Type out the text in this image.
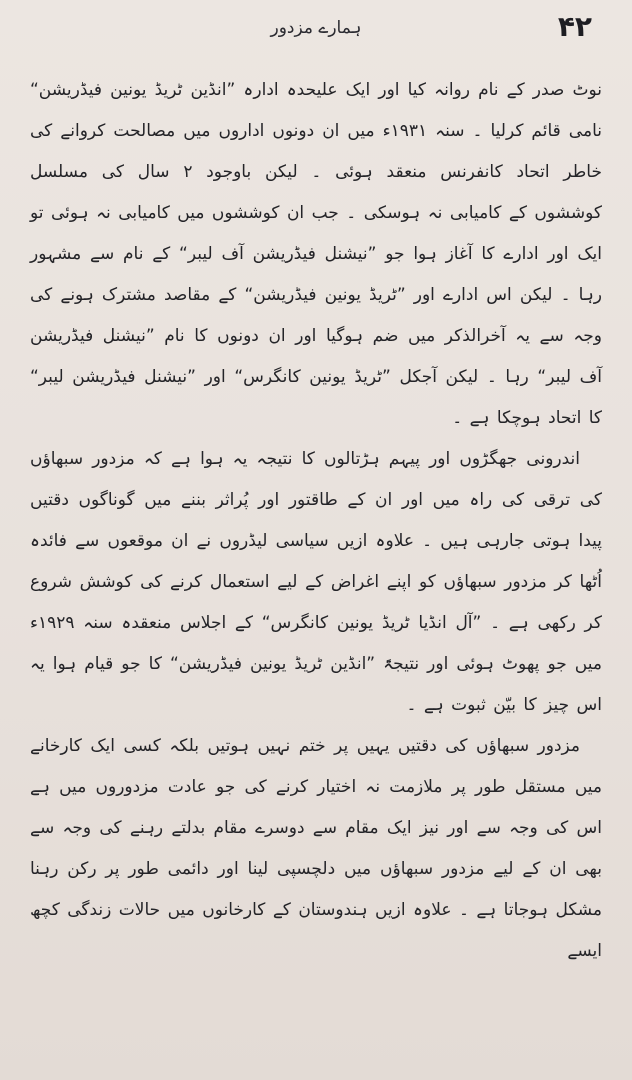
۴۲
ہمارے مزدور

نوٹ صدر کے نام روانہ کیا اور ایک علیحدہ ادارہ ”انڈین ٹریڈ یونین فیڈریشن“ نامی قائم کرلیا ۔ سنہ ۱۹۳۱ء میں ان دونوں اداروں میں مصالحت کروانے کی خاطر اتحاد کانفرنس منعقد ہوئی ۔ لیکن باوجود ۲ سال کی مسلسل کوششوں کے کامیابی نہ ہوسکی ۔ جب ان کوششوں میں کامیابی نہ ہوئی تو ایک اور ادارے کا آغاز ہوا جو ”نیشنل فیڈریشن آف لیبر“ کے نام سے مشہور رہا ۔ لیکن اس ادارے اور ”ٹریڈ یونین فیڈریشن“ کے مقاصد مشترک ہونے کی وجہ سے یہ آخرالذکر میں ضم ہوگیا اور ان دونوں کا نام ”نیشنل فیڈریشن آف لیبر“ رہا ۔ لیکن آجکل ”ٹریڈ یونین کانگرس“ اور ”نیشنل فیڈریشن لیبر“ کا اتحاد ہوچکا ہے ۔

اندرونی جھگڑوں اور پیہم ہڑتالوں کا نتیجہ یہ ہوا ہے کہ مزدور سبھاؤں کی ترقی کی راہ میں اور ان کے طاقتور اور پُراثر بننے میں گوناگوں دقتیں پیدا ہوتی جارہی ہیں ۔ علاوہ ازیں سیاسی لیڈروں نے ان موقعوں سے فائدہ اُٹھا کر مزدور سبھاؤں کو اپنے اغراض کے لیے استعمال کرنے کی کوشش شروع کر رکھی ہے ۔ ”آل انڈیا ٹریڈ یونین کانگرس“ کے اجلاس منعقدہ سنہ ۱۹۲۹ء میں جو پھوٹ ہوئی اور نتیجۃً ”انڈین ٹریڈ یونین فیڈریشن“ کا جو قیام ہوا یہ اس چیز کا بیّن ثبوت ہے ۔

مزدور سبھاؤں کی دقتیں یہیں پر ختم نہیں ہوتیں بلکہ کسی ایک کارخانے میں مستقل طور پر ملازمت نہ اختیار کرنے کی جو عادت مزدوروں میں ہے اس کی وجہ سے اور نیز ایک مقام سے دوسرے مقام بدلتے رہنے کی وجہ سے بھی ان کے لیے مزدور سبھاؤں میں دلچسپی لینا اور دائمی طور پر رکن رہنا مشکل ہوجاتا ہے ۔ علاوہ ازیں ہندوستان کے کارخانوں میں حالات زندگی کچھ ایسے
